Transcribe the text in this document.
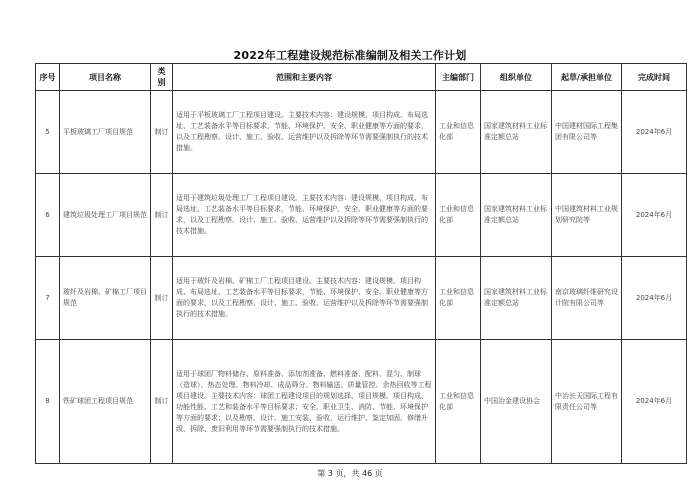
2022年工程建设规范标准编制及相关工作计划
序号	项目名称	类别	范围和主要内容	主编部门	组织单位	起草/承担单位	完成时间
5	平板玻璃工厂项目规范	制订	适用于平板玻璃工厂工程项目建设。主要技术内容：建设规模、项目构成、布局选址、工艺装备水平等目标要求，节能、环境保护、安全、职业健康等方面的要求，以及工程勘察、设计、施工、验收、运营维护以及拆除等环节需要强制执行的技术措施。	工业和信息化部	国家建筑材料工业标准定额总站	中国建材国际工程集团有限公司等	2024年6月
6	建筑垃圾处理工厂项目规范	制订	适用于建筑垃圾处理工厂工程项目建设。主要技术内容：建设规模、项目构成、布局选址、工艺装备水平等目标要求，节能、环境保护、安全、职业健康等方面的要求，以及工程勘察、设计、施工、验收、运营维护以及拆除等环节需要强制执行的技术措施。	工业和信息化部	国家建筑材料工业标准定额总站	中国建筑材料工业规划研究院等	2024年6月
7	玻纤及岩棉、矿棉工厂项目规范	制订	适用于玻纤及岩棉、矿棉工厂工程项目建设。主要技术内容：建设规模、项目构成、布局选址、工艺装备水平等目标要求，节能、环境保护、安全、职业健康等方面的要求，以及工程勘察、设计、施工、验收、运营维护以及拆除等环节需要强制执行的技术措施。	工业和信息化部	国家建筑材料工业标准定额总站	南京玻璃纤维研究设计院有限公司等	2024年6月
8	铁矿球团工程项目规范	制订	适用于球团厂物料储存、原料准备、添加剂准备、燃料准备、配料、混匀、制球（造球）、热态处理、物料冷却、成品筛分、物料输送、质量管控、余热回收等工程项目建设。主要技术内容：球团工程建设项目的规划选择、项目规模、项目构成、功能性能、工艺和装备水平等目标要求；安全、职业卫生、消防、节能、环境保护等方面的要求；以及勘察、设计、施工安装、验收、运行维护、鉴定加固、修缮升级、拆除、废旧利用等环节需要强制执行的技术措施。	工业和信息化部	中国冶金建设协会	中冶长天国际工程有限责任公司等	2024年6月
第 3 页，共 46 页
